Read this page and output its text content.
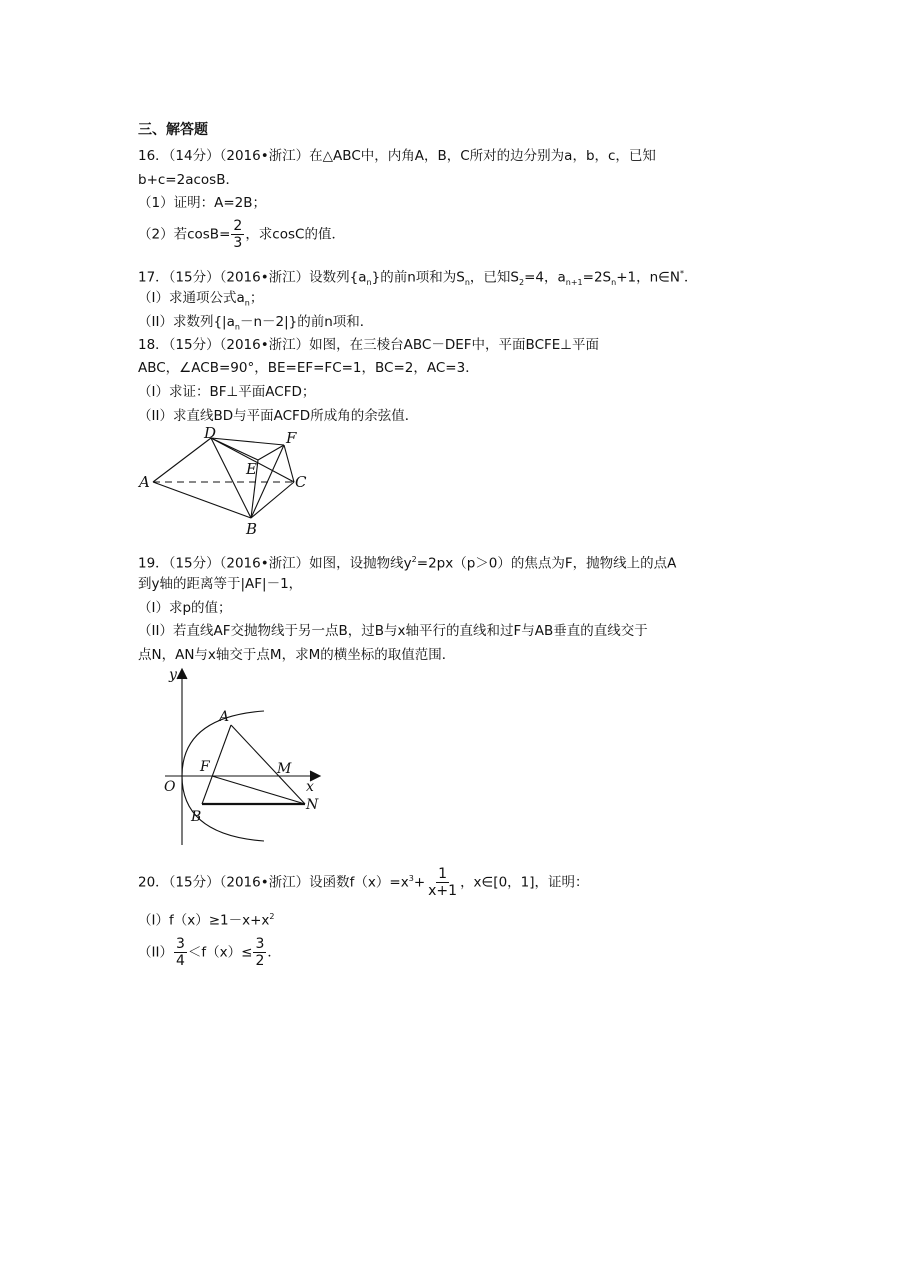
三、解答题
16．（14分）（2016•浙江）在△ABC中，内角A，B，C所对的边分别为a，b，c，已知
b+c=2acosB．
（1）证明：A=2B；
（2）若$\cos B= \frac{2}{3}$ ，求cosC的值．
17．（15分）（2016•浙江）设数列$\{a_n\}$的前n项和为$S_n$，已知$S_2=4$，$a_{n+1}=2S_n+1$，n∈N*．
（I）求通项公式$a_n$；
（II）求数列$\{|a_n-n-2|\}$的前n项和．
18．（15分）（2016•浙江）如图，在三棱台ABC－DEF中，平面BCFE⊥平面
ABC，∠ACB=90°，BE=EF=FC=1，BC=2，AC=3．
（I）求证：BF⊥平面ACFD；
（II）求直线BD与平面ACFD所成角的余弦值．
D	F
E
A	C
B
19．（15分）（2016•浙江）如图，设抛物线$y^2=2px(p>0)$的焦点为F，抛物线上的点A
到y轴的距离等于|AF|－1，
（I）求p的值；
（II）若直线AF交抛物线于另一点B，过B与x轴平行的直线和过F与AB垂直的直线交于
点N，AN与x轴交于点M，求M的横坐标的取值范围．
y
A
F	M
O	x
B
N
20．（15分）（2016•浙江）设函数$f(x)=x^3+ \frac{1}{x+1}$ ，x∈[0，1]，证明：
$(I)f(x)\ge 1-x+x^2$
$(II) \frac{3}{4} <f(x)\le \frac{3}{2}$ ．
